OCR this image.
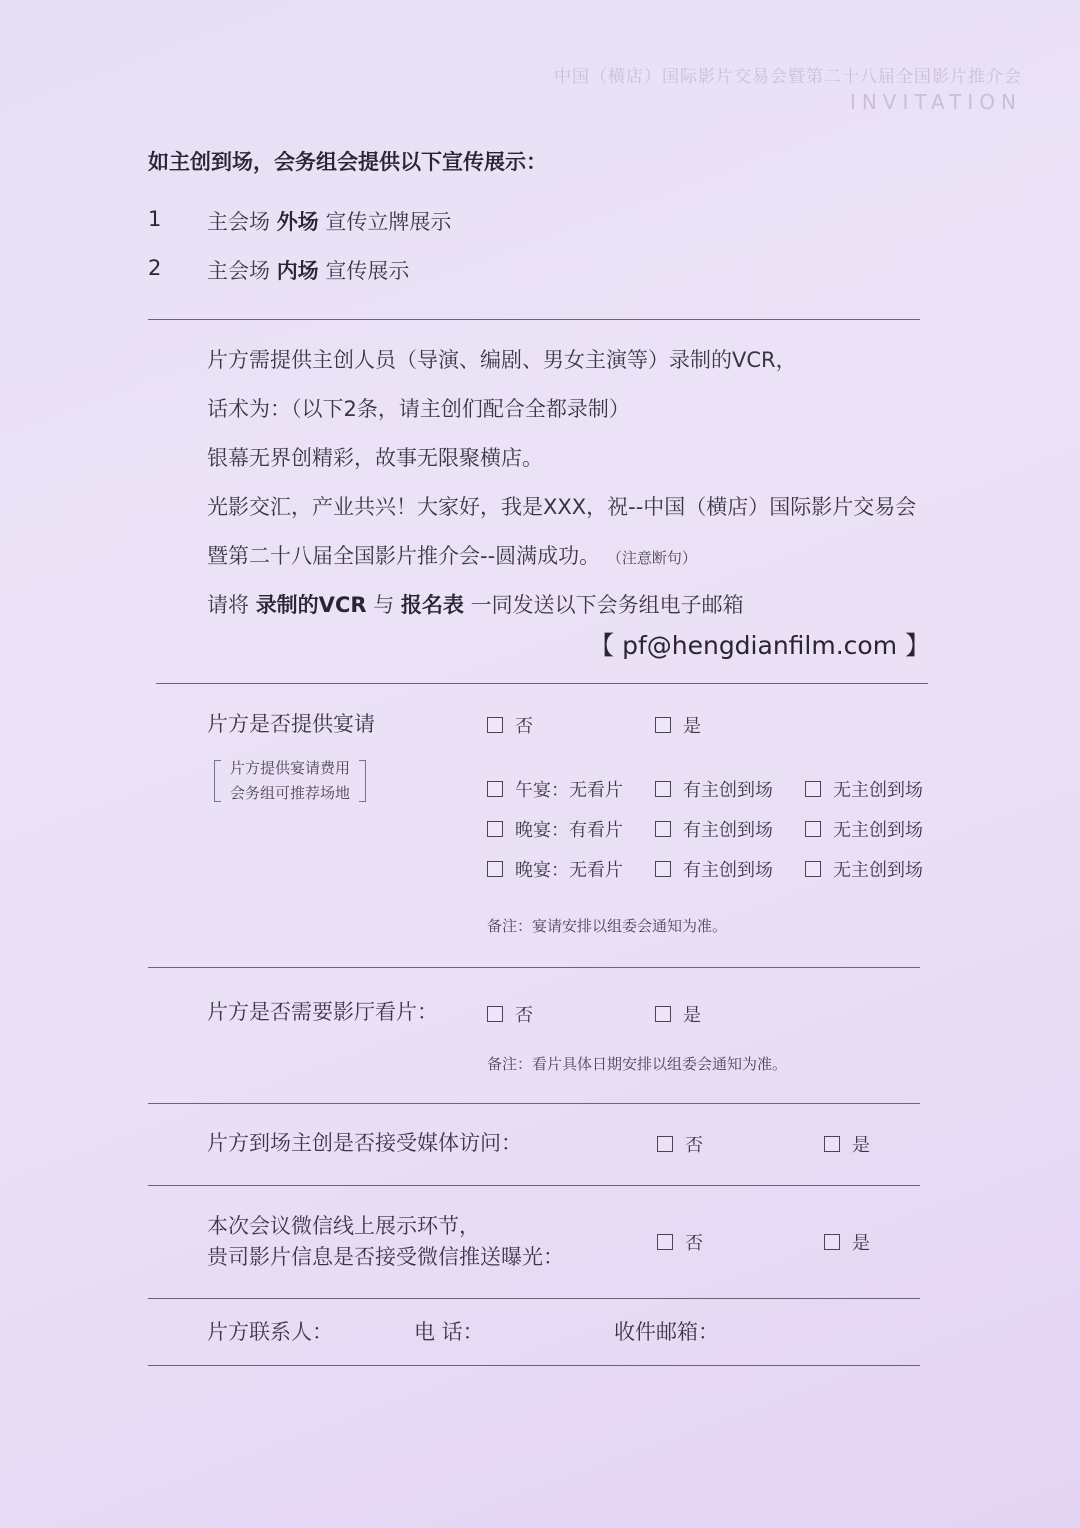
中国（横店）国际影片交易会暨第二十八届全国影片推介会
INVITATION
如主创到场，会务组会提供以下宣传展示：
1 主会场 外场 宣传立牌展示
2 主会场 内场 宣传展示
片方需提供主创人员（导演、编剧、男女主演等）录制的VCR，
话术为：（以下2条，请主创们配合全都录制）
银幕无界创精彩，故事无限聚横店。
光影交汇，产业共兴！大家好，我是XXX，祝--中国（横店）国际影片交易会
暨第二十八届全国影片推介会--圆满成功。 （注意断句）
请将 录制的VCR 与 报名表 一同发送以下会务组电子邮箱
【 pf@hengdianfilm.com 】
片方是否提供宴请	否	是
片方提供宴请费用
会务组可推荐场地	午宴：无看片	有主创到场	无主创到场
晚宴：有看片	有主创到场	无主创到场
晚宴：无看片	有主创到场	无主创到场
备注：宴请安排以组委会通知为准。
片方是否需要影厅看片：	否	是
备注：看片具体日期安排以组委会通知为准。
片方到场主创是否接受媒体访问：	否	是
本次会议微信线上展示环节，
贵司影片信息是否接受微信推送曝光：
否	是
片方联系人：	电 话：	收件邮箱：
